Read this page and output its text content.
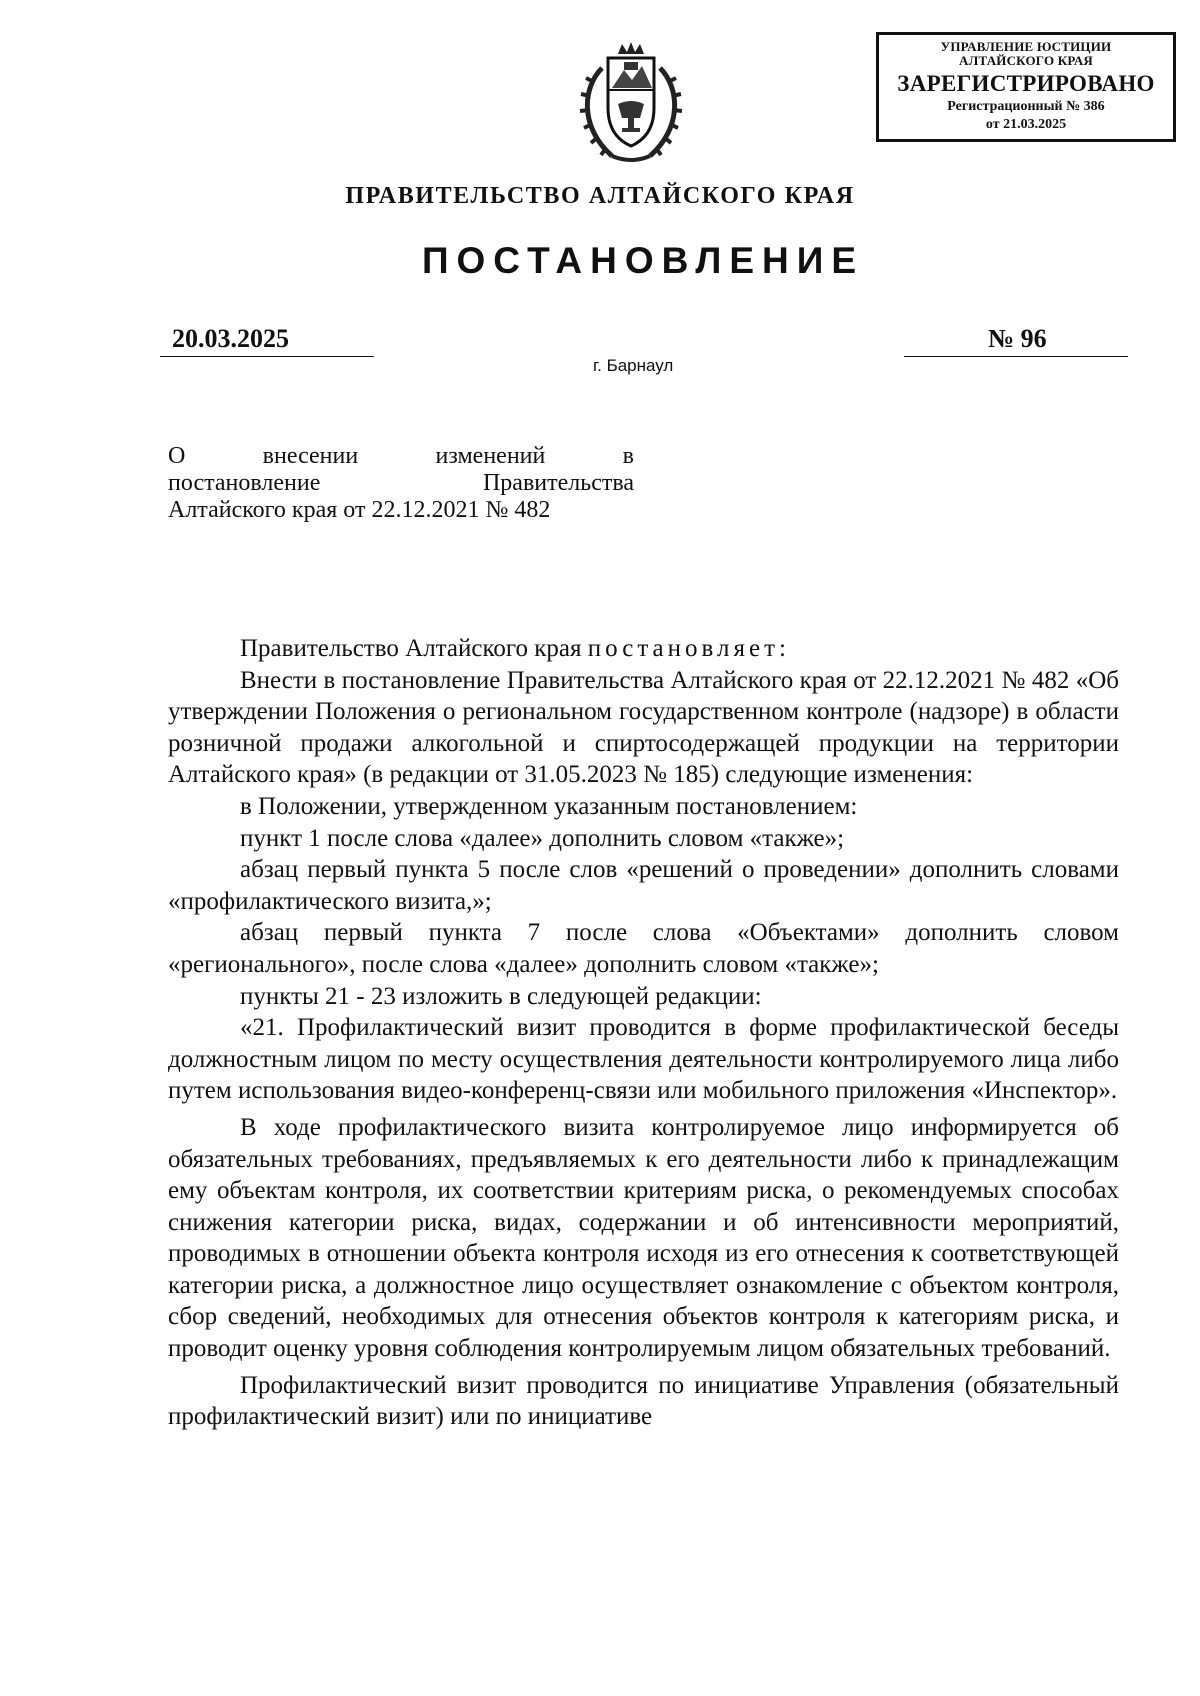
УПРАВЛЕНИЕ ЮСТИЦИИ
АЛТАЙСКОГО КРАЯ
ЗАРЕГИСТРИРОВАНО
Регистрационный № 386
от 21.03.2025
ПРАВИТЕЛЬСТВО АЛТАЙСКОГО КРАЯ
ПОСТАНОВЛЕНИЕ
20.03.2025	№ 96
г. Барнаул
О внесении изменений в
постановление Правительства
Алтайского края от 22.12.2021 № 482

Правительство Алтайского края постановляет:

Внести в постановление Правительства Алтайского края от 22.12.2021 № 482 «Об утверждении Положения о региональном государственном контроле (надзоре) в области розничной продажи алкогольной и спиртосодержащей продукции на территории Алтайского края» (в редакции от 31.05.2023 № 185) следующие изменения:

в Положении, утвержденном указанным постановлением:

пункт 1 после слова «далее» дополнить словом «также»;

абзац первый пункта 5 после слов «решений о проведении» дополнить словами «профилактического визита,»;

абзац первый пункта 7 после слова «Объектами» дополнить словом «регионального», после слова «далее» дополнить словом «также»;

пункты 21 - 23 изложить в следующей редакции:

«21. Профилактический визит проводится в форме профилактической беседы должностным лицом по месту осуществления деятельности контролируемого лица либо путем использования видео-конференц-связи или мобильного приложения «Инспектор».

В ходе профилактического визита контролируемое лицо информируется об обязательных требованиях, предъявляемых к его деятельности либо к принадлежащим ему объектам контроля, их соответствии критериям риска, о рекомендуемых способах снижения категории риска, видах, содержании и об интенсивности мероприятий, проводимых в отношении объекта контроля исходя из его отнесения к соответствующей категории риска, а должностное лицо осуществляет ознакомление с объектом контроля, сбор сведений, необходимых для отнесения объектов контроля к категориям риска, и проводит оценку уровня соблюдения контролируемым лицом обязательных требований.

Профилактический визит проводится по инициативе Управления (обязательный профилактический визит) или по инициативе
